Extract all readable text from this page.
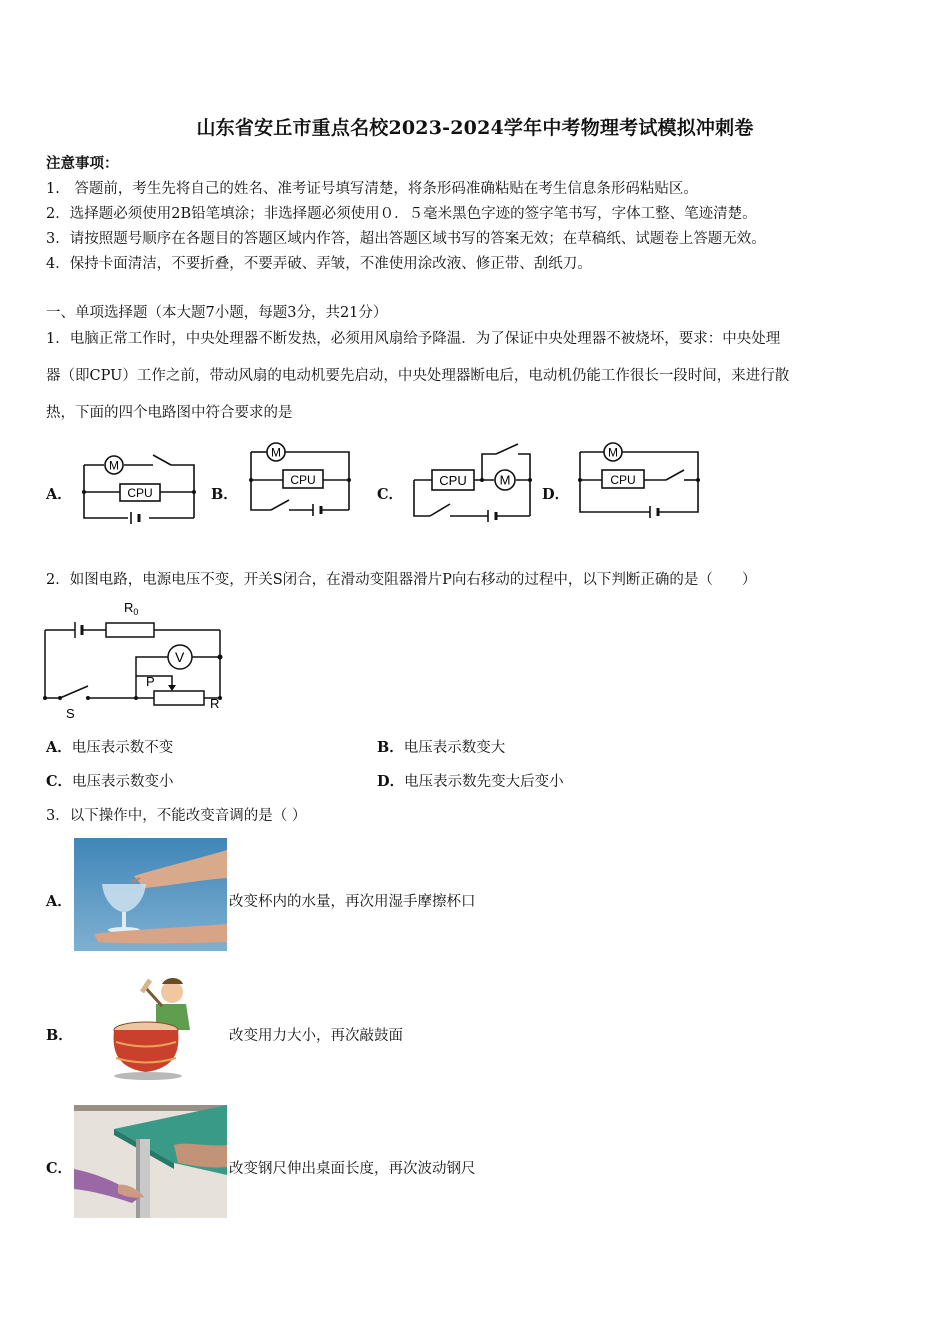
山东省安丘市重点名校2023-2024学年中考物理考试模拟冲刺卷
注意事项：
1.　答题前，考生先将自己的姓名、准考证号填写清楚，将条形码准确粘贴在考生信息条形码粘贴区。
2．选择题必须使用2B铅笔填涂；非选择题必须使用０．５毫米黑色字迹的签字笔书写，字体工整、笔迹清楚。
3．请按照题号顺序在各题目的答题区域内作答，超出答题区域书写的答案无效；在草稿纸、试题卷上答题无效。
4．保持卡面清洁，不要折叠，不要弄破、弄皱，不准使用涂改液、修正带、刮纸刀。
一、单项选择题（本大题7小题，每题3分，共21分）
1．电脑正常工作时，中央处理器不断发热，必须用风扇给予降温．为了保证中央处理器不被烧坏，要求：中央处理
器（即CPU）工作之前，带动风扇的电动机要先启动，中央处理器断电后，电动机仍能工作很长一段时间，来进行散
热，下面的四个电路图中符合要求的是
A．	B．	C．	D．
M
CPU
M
CPU	CPU	M
M
CPU
2．如图电路，电源电压不变，开关S闭合，在滑动变阻器滑片P向右移动的过程中，以下判断正确的是（　　）
$R_0$
V
P
R
S
A．电压表示数不变	B．电压表示数变大
C．电压表示数变小	D．电压表示数先变大后变小
3．以下操作中，不能改变音调的是（ ）
A．	改变杯内的水量，再次用湿手摩擦杯口
B．	改变用力大小，再次敲鼓面
C．	改变钢尺伸出桌面长度，再次波动钢尺
